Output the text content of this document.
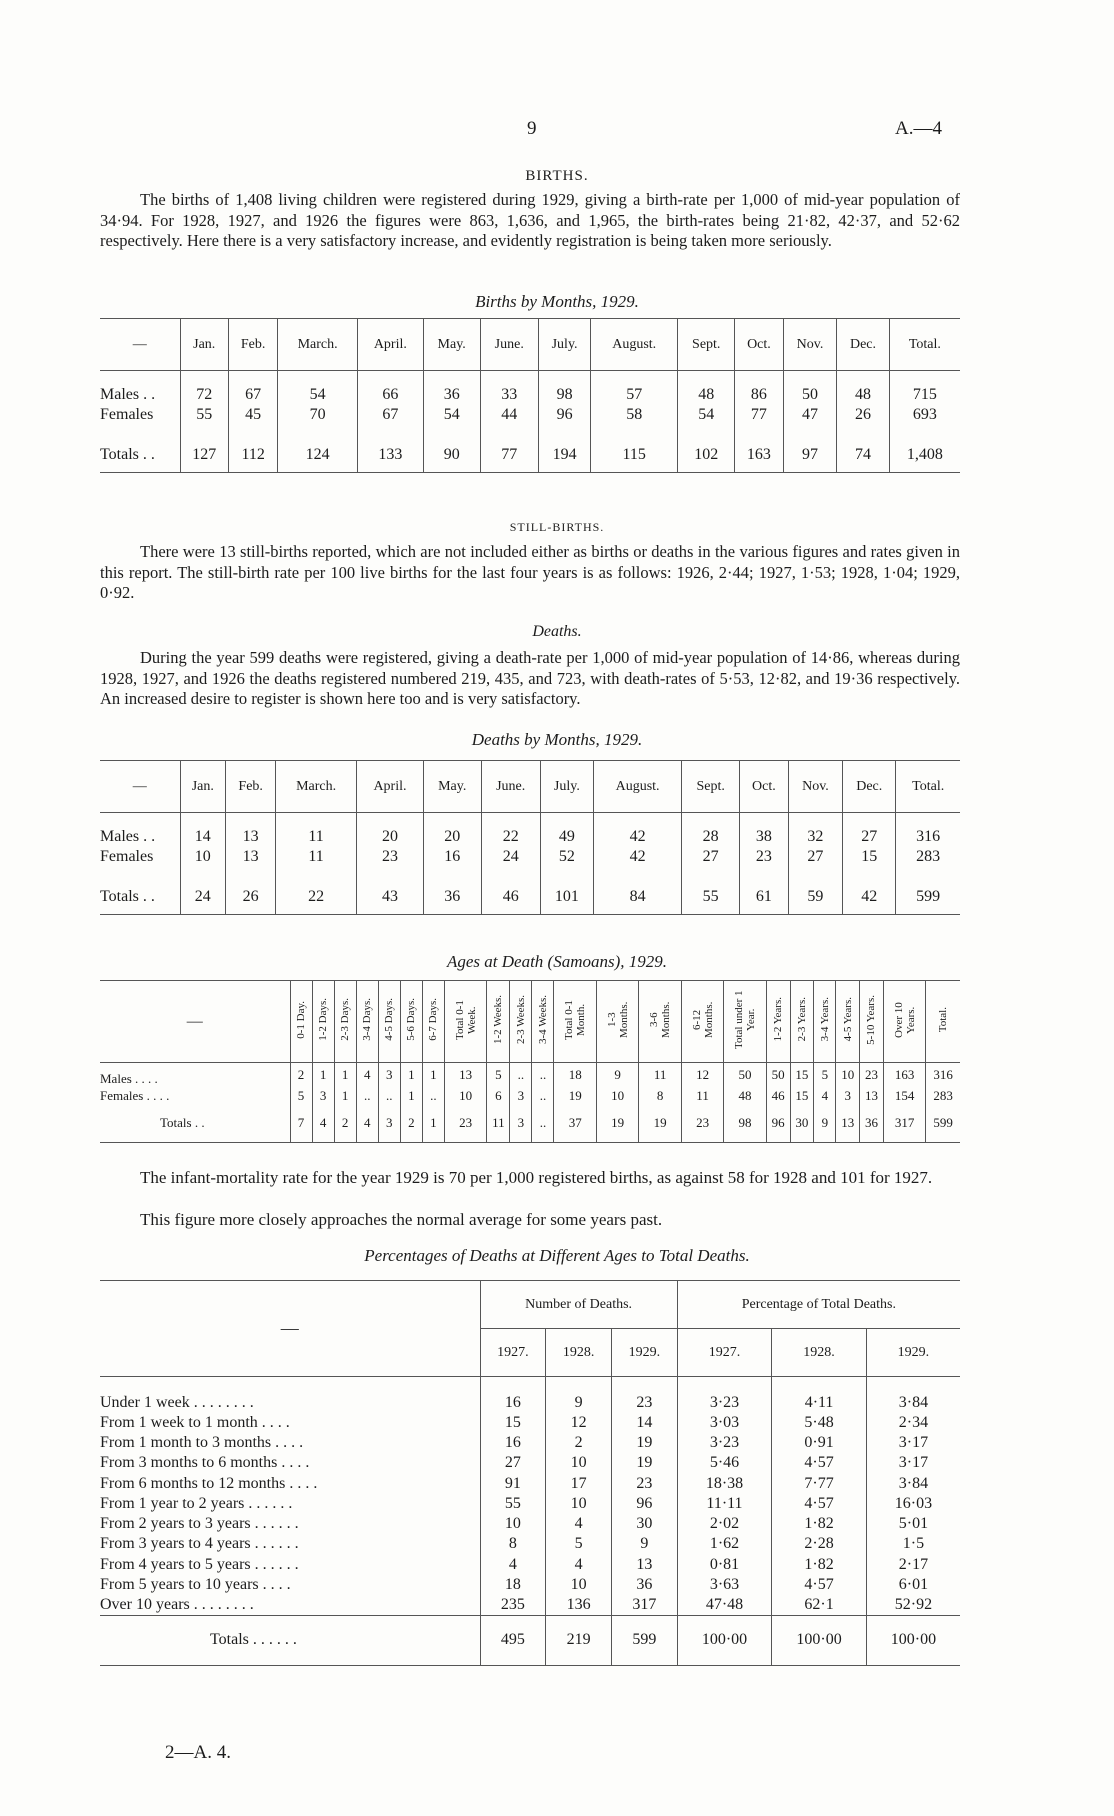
9	A.—4
BIRTHS.

The births of 1,408 living children were registered during 1929, giving a birth-rate per 1,000 of mid-year population of 34·94. For 1928, 1927, and 1926 the figures were 863, 1,636, and 1,965, the birth-rates being 21·82, 42·37, and 52·62 respectively. Here there is a very satisfactory increase, and evidently registration is being taken more seriously.

Births by Months, 1929.
—	Jan.	Feb.	March.	April.	May.	June.	July.	August.	Sept.	Oct.	Nov.	Dec.	Total.

Males . .	72	67	54	66	36	33	98	57	48	86	50	48	715
Females	55	45	70	67	54	44	96	58	54	77	47	26	693

Totals . .	127	112	124	133	90	77	194	115	102	163	97	74	1,408
STILL-BIRTHS.

There were 13 still-births reported, which are not included either as births or deaths in the various figures and rates given in this report. The still-birth rate per 100 live births for the last four years is as follows: 1926, 2·44; 1927, 1·53; 1928, 1·04; 1929, 0·92.

Deaths.

During the year 599 deaths were registered, giving a death-rate per 1,000 of mid-year population of 14·86, whereas during 1928, 1927, and 1926 the deaths registered numbered 219, 435, and 723, with death-rates of 5·53, 12·82, and 19·36 respectively. An increased desire to register is shown here too and is very satisfactory.

Deaths by Months, 1929.
—	Jan.	Feb.	March.	April.	May.	June.	July.	August.	Sept.	Oct.	Nov.	Dec.	Total.

Males . .	14	13	11	20	20	22	49	42	28	38	32	27	316
Females	10	13	11	23	16	24	52	42	27	23	27	15	283

Totals . .	24	26	22	43	36	46	101	84	55	61	59	42	599
Ages at Death (Samoans), 1929.
—	0-1 Day.	1-2 Days.	2-3 Days.	3-4 Days.	4-5 Days.	5-6 Days.	6-7 Days.	Total 0-1 Week.	1-2 Weeks.	2-3 Weeks.	3-4 Weeks.	Total 0-1 Month.	1-3 Months.	3-6 Months.	6-12 Months.	Total under 1 Year.	1-2 Years.	2-3 Years.	3-4 Years.	4-5 Years.	5-10 Years.	Over 10 Years.	Total.
Males . . . .	2	1	1	4	3	1	1	13	5	..	..	18	9	11	12	50	50	15	5	10	23	163	316
Females . . . .	5	3	1	..	..	1	..	10	6	3	..	19	10	8	11	48	46	15	4	3	13	154	283
Totals . .	7	4	2	4	3	2	1	23	11	3	..	37	19	19	23	98	96	30	9	13	36	317	599

The infant-mortality rate for the year 1929 is 70 per 1,000 registered births, as against 58 for 1928 and 101 for 1927.

This figure more closely approaches the normal average for some years past.

Percentages of Deaths at Different Ages to Total Deaths.
—	Number of Deaths.			Percentage of Total Deaths.		
	1927.	1928.	1929.	1927.	1928.	1929.
Under 1 week . . . . . . . .	16	9	23	3·23	4·11	3·84
From 1 week to 1 month . . . .	15	12	14	3·03	5·48	2·34
From 1 month to 3 months . . . .	16	2	19	3·23	0·91	3·17
From 3 months to 6 months . . . .	27	10	19	5·46	4·57	3·17
From 6 months to 12 months . . . .	91	17	23	18·38	7·77	3·84
From 1 year to 2 years . . . . . .	55	10	96	11·11	4·57	16·03
From 2 years to 3 years . . . . . .	10	4	30	2·02	1·82	5·01
From 3 years to 4 years . . . . . .	8	5	9	1·62	2·28	1·5
From 4 years to 5 years . . . . . .	4	4	13	0·81	1·82	2·17
From 5 years to 10 years . . . .	18	10	36	3·63	4·57	6·01
Over 10 years . . . . . . . .	235	136	317	47·48	62·1	52·92
Totals . . . . . .	495	219	599	100·00	100·00	100·00
2—A. 4.
